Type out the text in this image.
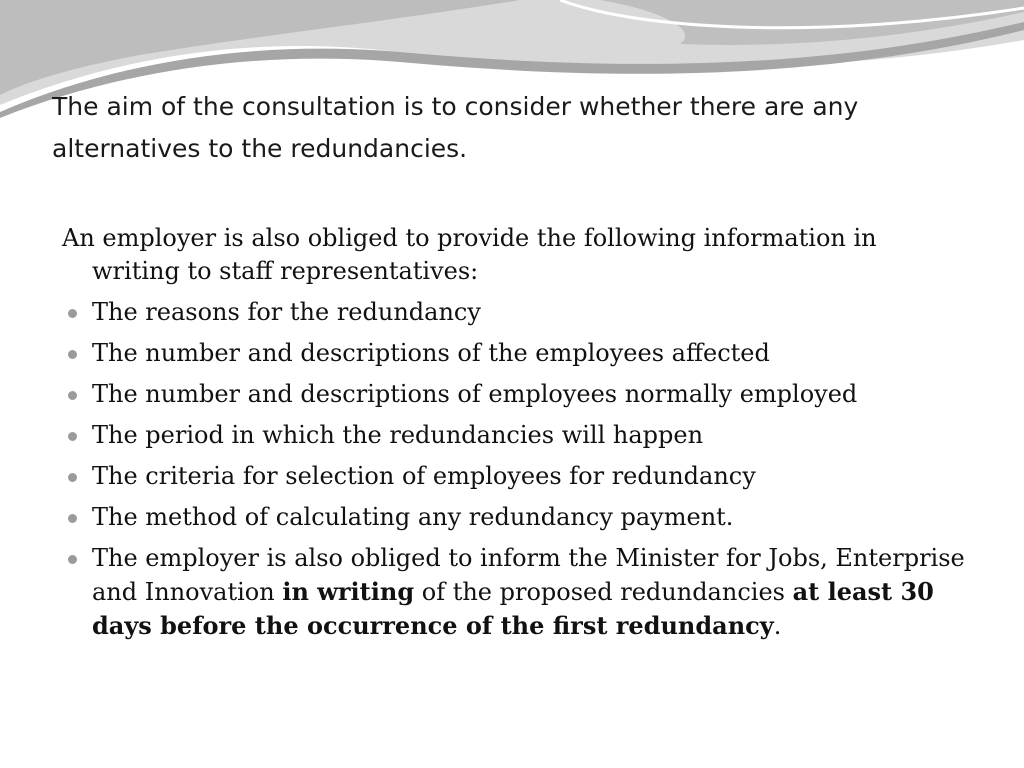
The aim of the consultation is to consider whether there are any alternatives to the redundancies.

An employer is also obliged to provide the following information in writing to staff representatives:

The reasons for the redundancy
The number and descriptions of the employees affected
The number and descriptions of employees normally employed
The period in which the redundancies will happen
The criteria for selection of employees for redundancy
The method of calculating any redundancy payment.
The employer is also obliged to inform the Minister for Jobs, Enterprise and Innovation in writing of the proposed redundancies at least 30 days before the occurrence of the first redundancy.
